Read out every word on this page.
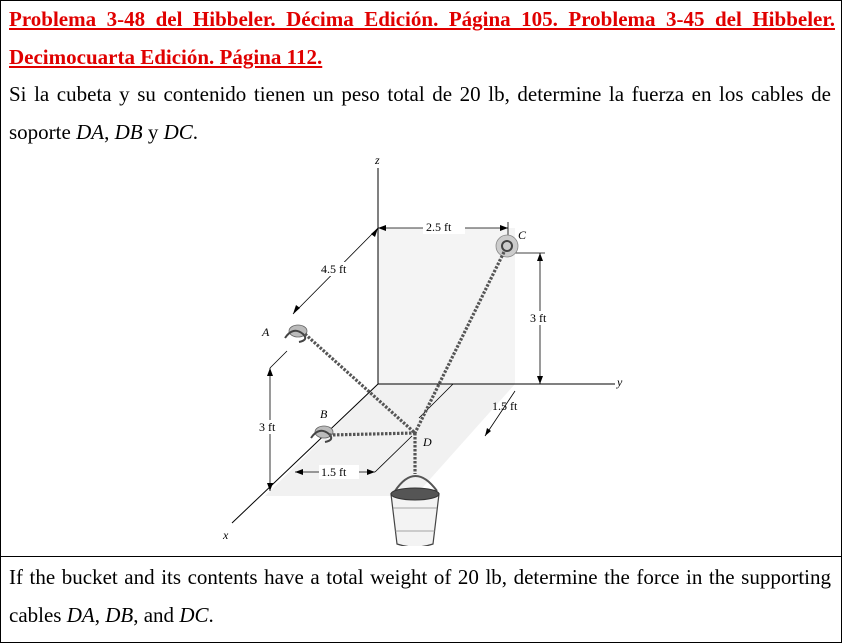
Problema 3-48 del Hibbeler. Décima Edición. Página 105. Problema 3-45 del Hibbeler. Decimocuarta Edición. Página 112.
Si la cubeta y su contenido tienen un peso total de 20 lb, determine la fuerza en los cables de soporte DA, DB y DC.
z
y
x
2.5 ft
4.5 ft
3 ft
3 ft
1.5 ft
1.5 ft
A
B
C
D
If the bucket and its contents have a total weight of 20 lb, determine the force in the supporting cables DA, DB, and DC.
